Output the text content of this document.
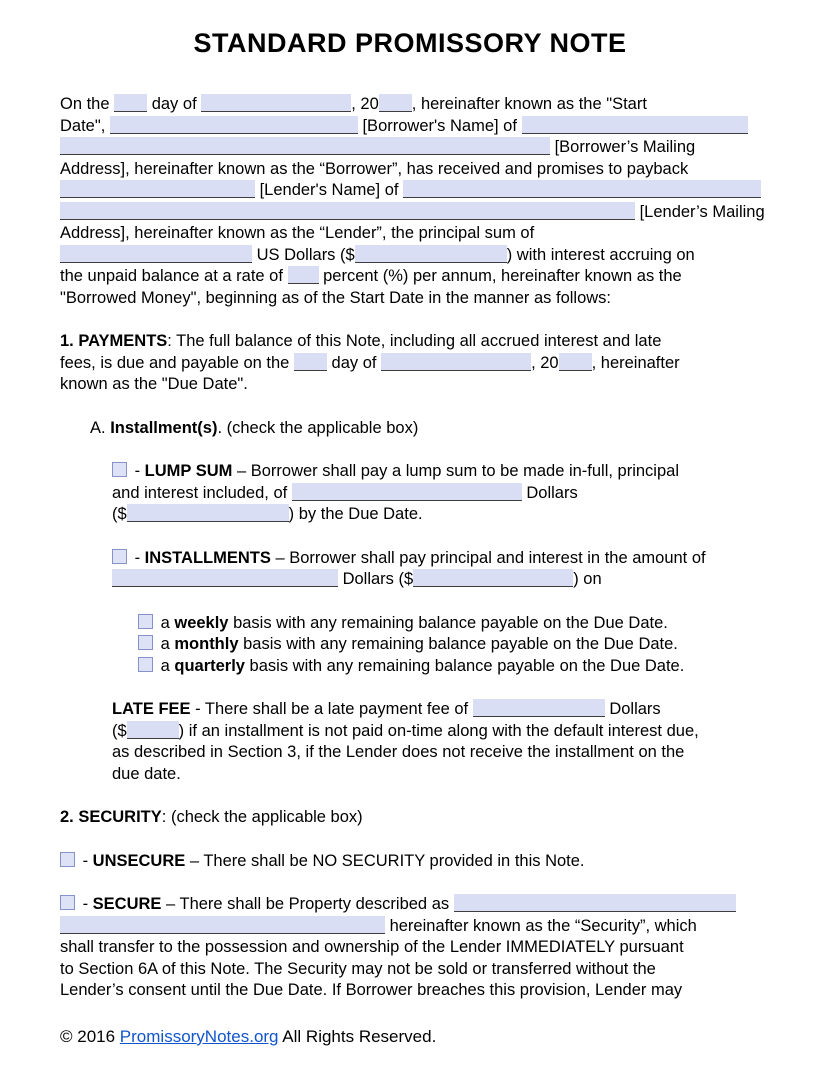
STANDARD PROMISSORY NOTE
On the  day of	, 20 , hereinafter known as the "Start
Date",	[Borrower's Name] of
[Borrower’s Mailing
Address], hereinafter known as the “Borrower”, has received and promises to payback
[Lender's Name] of
[Lender’s Mailing
Address], hereinafter known as the “Lender”, the principal sum of
US Dollars ($	) with interest accruing on
the unpaid balance at a rate of  percent (%) per annum, hereinafter known as the
"Borrowed Money", beginning as of the Start Date in the manner as follows:
1. PAYMENTS: The full balance of this Note, including all accrued interest and late
fees, is due and payable on the  day of	, 20 , hereinafter
known as the "Due Date".
A. Installment(s). (check the applicable box)
- LUMP SUM – Borrower shall pay a lump sum to be made in-full, principal
and interest included, of	Dollars
($	) by the Due Date.
- INSTALLMENTS – Borrower shall pay principal and interest in the amount of
Dollars ($	) on
a weekly basis with any remaining balance payable on the Due Date.
a monthly basis with any remaining balance payable on the Due Date.
a quarterly basis with any remaining balance payable on the Due Date.
LATE FEE - There shall be a late payment fee of	Dollars
($	) if an installment is not paid on-time along with the default interest due,
as described in Section 3, if the Lender does not receive the installment on the
due date.
2. SECURITY: (check the applicable box)
- UNSECURE – There shall be NO SECURITY provided in this Note.
- SECURE – There shall be Property described as
hereinafter known as the “Security”, which
shall transfer to the possession and ownership of the Lender IMMEDIATELY pursuant
to Section 6A of this Note. The Security may not be sold or transferred without the
Lender’s consent until the Due Date. If Borrower breaches this provision, Lender may
© 2016 PromissoryNotes.org All Rights Reserved.
